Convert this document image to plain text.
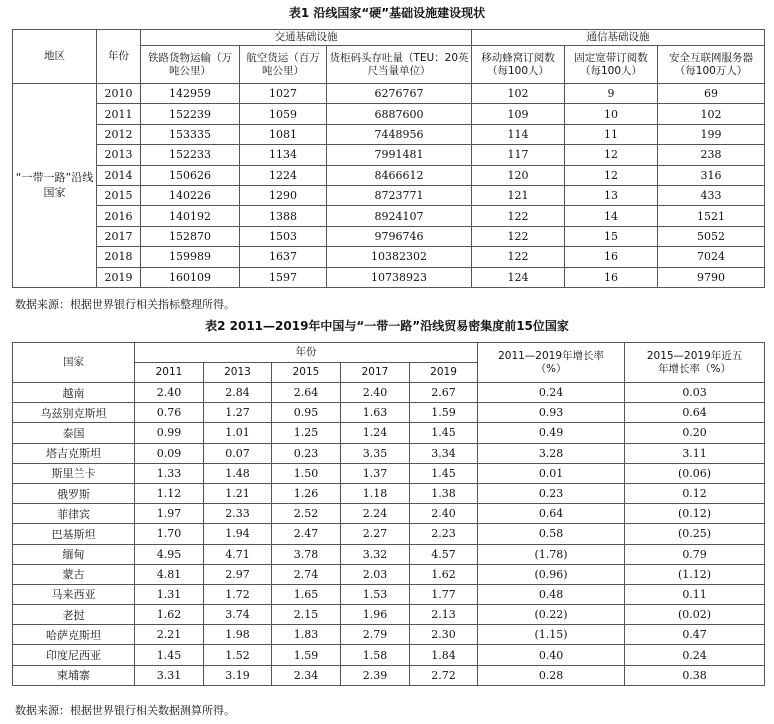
表1 沿线国家“硬”基础设施建设现状
地区	年份	交通基础设施			通信基础设施		
		铁路货物运输（万吨公里）	航空货运（百万吨公里）	货柜码头存吐量（TEU：20英尺当量单位）	移动蜂窝订阅数（每100人）	固定宽带订阅数（每100人）	安全互联网服务器（每100万人）
“一带一路”沿线国家	2010	142959	1027	6276767	102	9	69
	2011	152239	1059	6887600	109	10	102
	2012	153335	1081	7448956	114	11	199
	2013	152233	1134	7991481	117	12	238
	2014	150626	1224	8466612	120	12	316
	2015	140226	1290	8723771	121	13	433
	2016	140192	1388	8924107	122	14	1521
	2017	152870	1503	9796746	122	15	5052
	2018	159989	1637	10382302	122	16	7024
	2019	160109	1597	10738923	124	16	9790
数据来源：根据世界银行相关指标整理所得。
表2 2011—2019年中国与“一带一路”沿线贸易密集度前15位国家
国家	年份					2011—2019年增长率（%）	2015—2019年近五年增长率（%）
	2011	2013	2015	2017	2019		
越南	2.40	2.84	2.64	2.40	2.67	0.24	0.03
乌兹别克斯坦	0.76	1.27	0.95	1.63	1.59	0.93	0.64
泰国	0.99	1.01	1.25	1.24	1.45	0.49	0.20
塔吉克斯坦	0.09	0.07	0.23	3.35	3.34	3.28	3.11
斯里兰卡	1.33	1.48	1.50	1.37	1.45	0.01	(0.06)
俄罗斯	1.12	1.21	1.26	1.18	1.38	0.23	0.12
菲律宾	1.97	2.33	2.52	2.24	2.40	0.64	(0.12)
巴基斯坦	1.70	1.94	2.47	2.27	2.23	0.58	(0.25)
缅甸	4.95	4.71	3.78	3.32	4.57	(1.78)	0.79
蒙古	4.81	2.97	2.74	2.03	1.62	(0.96)	(1.12)
马来西亚	1.31	1.72	1.65	1.53	1.77	0.48	0.11
老挝	1.62	3.74	2.15	1.96	2.13	(0.22)	(0.02)
哈萨克斯坦	2.21	1.98	1.83	2.79	2.30	(1.15)	0.47
印度尼西亚	1.45	1.52	1.59	1.58	1.84	0.40	0.24
柬埔寨	3.31	3.19	2.34	2.39	2.72	0.28	0.38
数据来源：根据世界银行相关数据测算所得。
